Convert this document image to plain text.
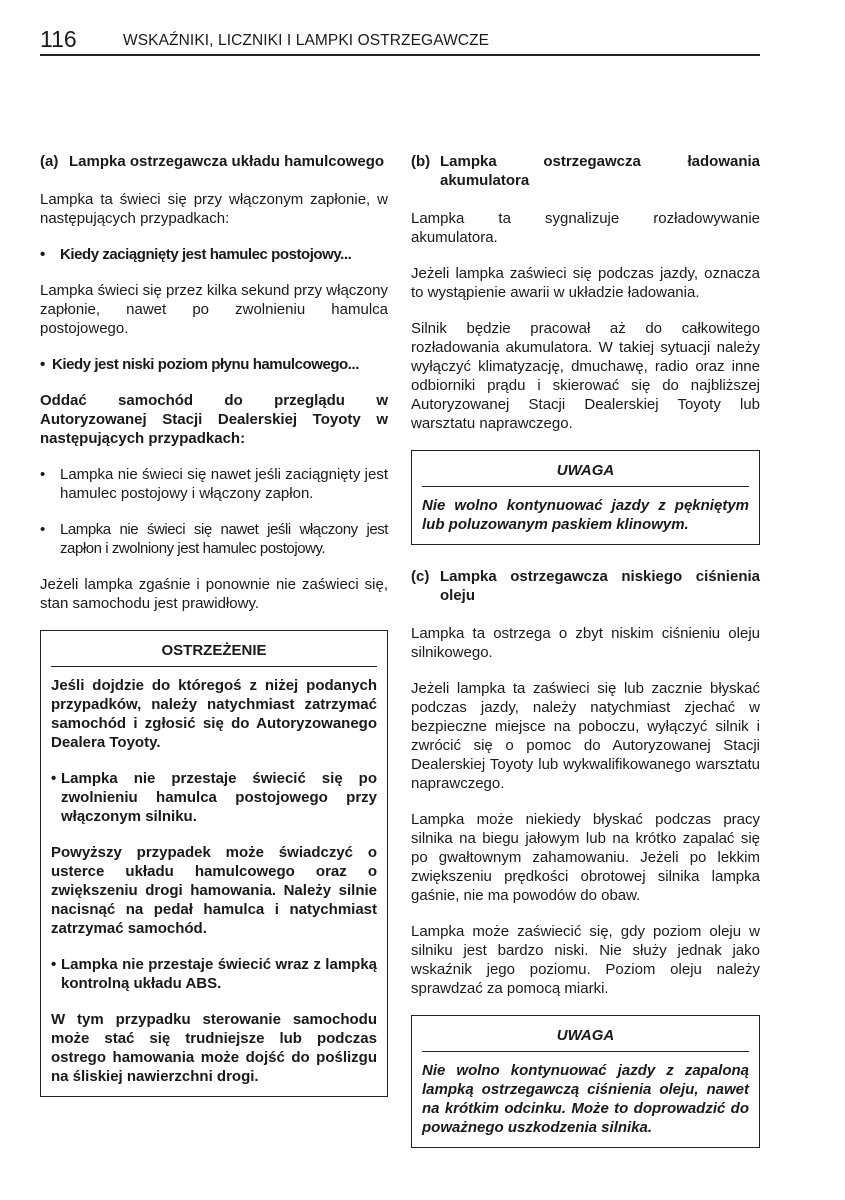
116	WSKAŹNIKI, LICZNIKI I LAMPKI OSTRZEGAWCZE
(a) Lampka ostrzegawcza układu hamulcowego

Lampka ta świeci się przy włączonym zapłonie, w następujących przypadkach:

• Kiedy zaciągnięty jest hamulec postojowy...

Lampka świeci się przez kilka sekund przy włączony zapłonie, nawet po zwolnieniu hamulca postojowego.

• Kiedy jest niski poziom płynu hamulcowego...

Oddać samochód do przeglądu w Autoryzowanej Stacji Dealerskiej Toyoty w następujących przypadkach:

• Lampka nie świeci się nawet jeśli zaciągnięty jest hamulec postojowy i włączony zapłon.
• Lampka nie świeci się nawet jeśli włączony jest zapłon i zwolniony jest hamulec postojowy.

Jeżeli lampka zgaśnie i ponownie nie zaświeci się, stan samochodu jest prawidłowy.

OSTRZEŻENIE

Jeśli dojdzie do któregoś z niżej podanych przypadków, należy natychmiast zatrzymać samochód i zgłosić się do Autoryzowanego Dealera Toyoty.

• Lampka nie przestaje świecić się po zwolnieniu hamulca postojowego przy włączonym silniku.

Powyższy przypadek może świadczyć o usterce układu hamulcowego oraz o zwiększeniu drogi hamowania. Należy silnie nacisnąć na pedał hamulca i natychmiast zatrzymać samochód.

• Lampka nie przestaje świecić wraz z lampką kontrolną układu ABS.

W tym przypadku sterowanie samochodu może stać się trudniejsze lub podczas ostrego hamowania może dojść do poślizgu na śliskiej nawierzchni drogi.

(b) Lampka ostrzegawcza ładowania akumulatora

Lampka ta sygnalizuje rozładowywanie akumulatora.

Jeżeli lampka zaświeci się podczas jazdy, oznacza to wystąpienie awarii w układzie ładowania.

Silnik będzie pracował aż do całkowitego rozładowania akumulatora. W takiej sytuacji należy wyłączyć klimatyzację, dmuchawę, radio oraz inne odbiorniki prądu i skierować się do najbliższej Autoryzowanej Stacji Dealerskiej Toyoty lub warsztatu naprawczego.

UWAGA

Nie wolno kontynuować jazdy z pękniętym lub poluzowanym paskiem klinowym.

(c) Lampka ostrzegawcza niskiego ciśnienia oleju

Lampka ta ostrzega o zbyt niskim ciśnieniu oleju silnikowego.

Jeżeli lampka ta zaświeci się lub zacznie błyskać podczas jazdy, należy natychmiast zjechać w bezpieczne miejsce na poboczu, wyłączyć silnik i zwrócić się o pomoc do Autoryzowanej Stacji Dealerskiej Toyoty lub wykwalifikowanego warsztatu naprawczego.

Lampka może niekiedy błyskać podczas pracy silnika na biegu jałowym lub na krótko zapalać się po gwałtownym zahamowaniu. Jeżeli po lekkim zwiększeniu prędkości obrotowej silnika lampka gaśnie, nie ma powodów do obaw.

Lampka może zaświecić się, gdy poziom oleju w silniku jest bardzo niski. Nie służy jednak jako wskaźnik jego poziomu. Poziom oleju należy sprawdzać za pomocą miarki.

UWAGA

Nie wolno kontynuować jazdy z zapaloną lampką ostrzegawczą ciśnienia oleju, nawet na krótkim odcinku. Może to doprowadzić do poważnego uszkodzenia silnika.
